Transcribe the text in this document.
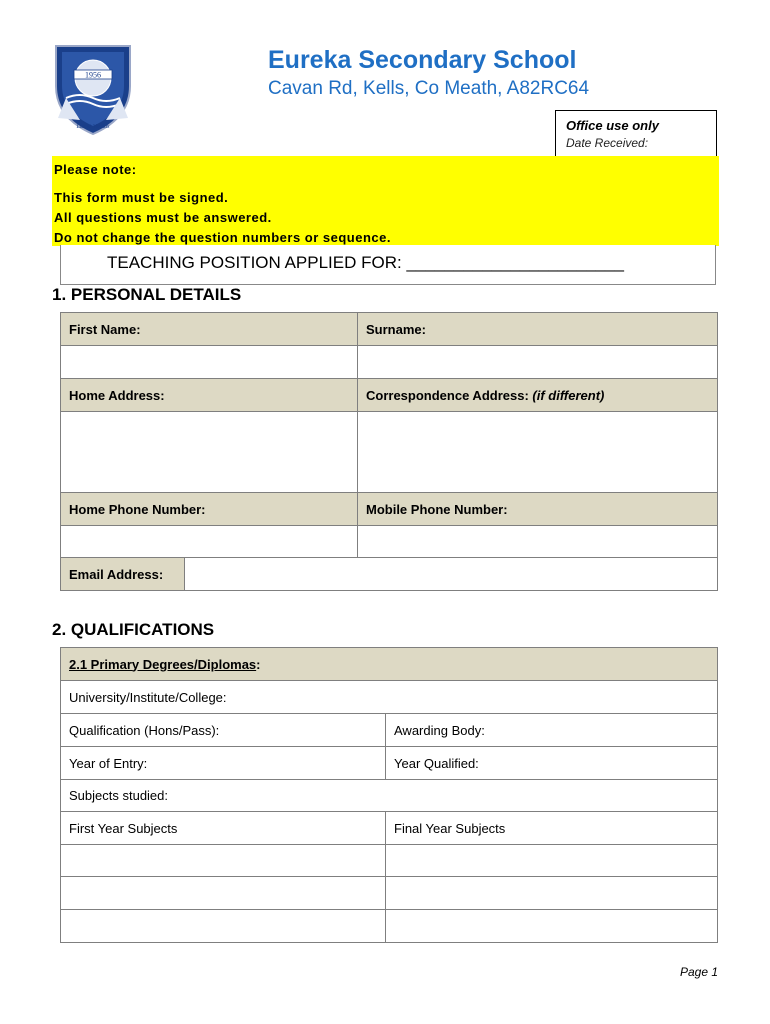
1956
Lux et Veritas
Eureka Secondary School
Cavan Rd, Kells, Co Meath, A82RC64
Office use only
Date Received:
Please note:
This form must be signed.
All questions must be answered.
Do not change the question numbers or sequence.
TEACHING POSITION APPLIED FOR: _______________________
1. PERSONAL DETAILS
First Name:	Surname:

Home Address:	Correspondence Address: (if different)

Home Phone Number:	Mobile Phone Number:

Email Address:	
2. QUALIFICATIONS
2.1 Primary Degrees/Diplomas:	
University/Institute/College:	
Qualification (Hons/Pass):	Awarding Body:
Year of Entry:	Year Qualified:
Subjects studied:	
First Year Subjects	Final Year Subjects

Page 1
